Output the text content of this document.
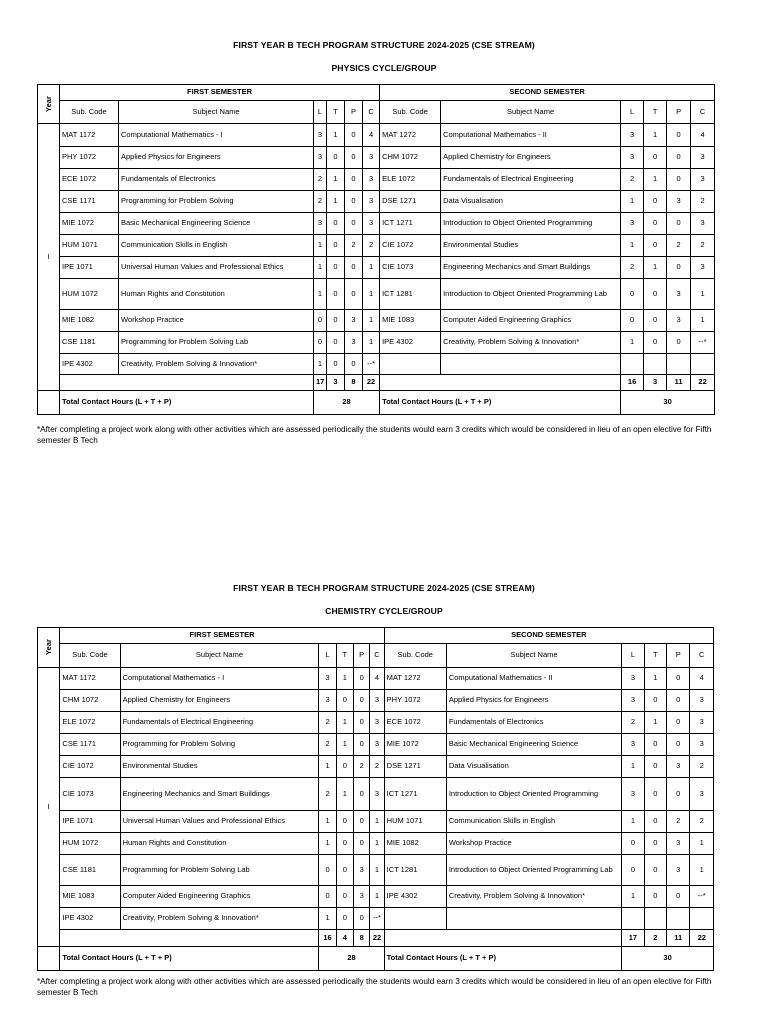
FIRST YEAR B TECH PROGRAM STRUCTURE 2024-2025 (CSE STREAM)
PHYSICS CYCLE/GROUP
Year	FIRST SEMESTER						SECOND SEMESTER					
	Sub. Code	Subject Name	L	T	P	C	Sub. Code	Subject Name	L	T	P	C
I	MAT 1172	Computational Mathematics - I	3	1	0	4	MAT 1272	Computational Mathematics - II	3	1	0	4
	PHY 1072	Applied Physics for Engineers	3	0	0	3	CHM 1072	Applied Chemistry for Engineers	3	0	0	3
	ECE 1072	Fundamentals of Electronics	2	1	0	3	ELE 1072	Fundamentals of Electrical Engineering	2	1	0	3
	CSE 1171	Programming for Problem Solving	2	1	0	3	DSE 1271	Data Visualisation	1	0	3	2
	MIE 1072	Basic Mechanical Engineering Science	3	0	0	3	ICT 1271	Introduction to Object Oriented Programming	3	0	0	3
	HUM 1071	Communication Skills in English	1	0	2	2	CIE 1072	Environmental Studies	1	0	2	2
	IPE 1071	Universal Human Values and Professional Ethics	1	0	0	1	CIE 1073	Engineering Mechanics and Smart Buildings	2	1	0	3
	HUM 1072	Human Rights and Constitution	1	0	0	1	ICT 1281	Introduction to Object Oriented Programming Lab	0	0	3	1
	MIE 1082	Workshop Practice	0	0	3	1	MIE 1083	Computer Aided Engineering Graphics	0	0	3	1
	CSE 1181	Programming for Problem Solving Lab	0	0	3	1	IPE 4302	Creativity, Problem Solving & Innovation*	1	0	0	--*
	IPE 4302	Creativity, Problem Solving & Innovation*	1	0	0	--*						
			17	3	8	22			16	3	11	22
	Total Contact Hours (L + T + P)		28				Total Contact Hours (L + T + P)		30			
*After completing a project work along with other activities which are assessed periodically the students would earn 3 credits which would be considered in lieu of an open elective for Fifth semester B Tech
FIRST YEAR B TECH PROGRAM STRUCTURE 2024-2025 (CSE STREAM)
CHEMISTRY CYCLE/GROUP
Year	FIRST SEMESTER						SECOND SEMESTER					
	Sub. Code	Subject Name	L	T	P	C	Sub. Code	Subject Name	L	T	P	C
I	MAT 1172	Computational Mathematics - I	3	1	0	4	MAT 1272	Computational Mathematics - II	3	1	0	4
	CHM 1072	Applied Chemistry for Engineers	3	0	0	3	PHY 1072	Applied Physics for Engineers	3	0	0	3
	ELE 1072	Fundamentals of Electrical Engineering	2	1	0	3	ECE 1072	Fundamentals of Electronics	2	1	0	3
	CSE 1171	Programming for Problem Solving	2	1	0	3	MIE 1072	Basic Mechanical Engineering Science	3	0	0	3
	CIE 1072	Environmental Studies	1	0	2	2	DSE 1271	Data Visualisation	1	0	3	2
	CIE 1073	Engineering Mechanics and Smart Buildings	2	1	0	3	ICT 1271	Introduction to Object Oriented Programming	3	0	0	3
	IPE 1071	Universal Human Values and Professional Ethics	1	0	0	1	HUM 1071	Communication Skills in English	1	0	2	2
	HUM 1072	Human Rights and Constitution	1	0	0	1	MIE 1082	Workshop Practice	0	0	3	1
	CSE 1181	Programming for Problem Solving Lab	0	0	3	1	ICT 1281	Introduction to Object Oriented Programming Lab	0	0	3	1
	MIE 1083	Computer Aided Engineering Graphics	0	0	3	1	IPE 4302	Creativity, Problem Solving & Innovation*	1	0	0	--*
	IPE 4302	Creativity, Problem Solving & Innovation*	1	0	0	--*						
			16	4	8	22			17	2	11	22
	Total Contact Hours (L + T + P)		28				Total Contact Hours (L + T + P)		30			
*After completing a project work along with other activities which are assessed periodically the students would earn 3 credits which would be considered in lieu of an open elective for Fifth semester B Tech
